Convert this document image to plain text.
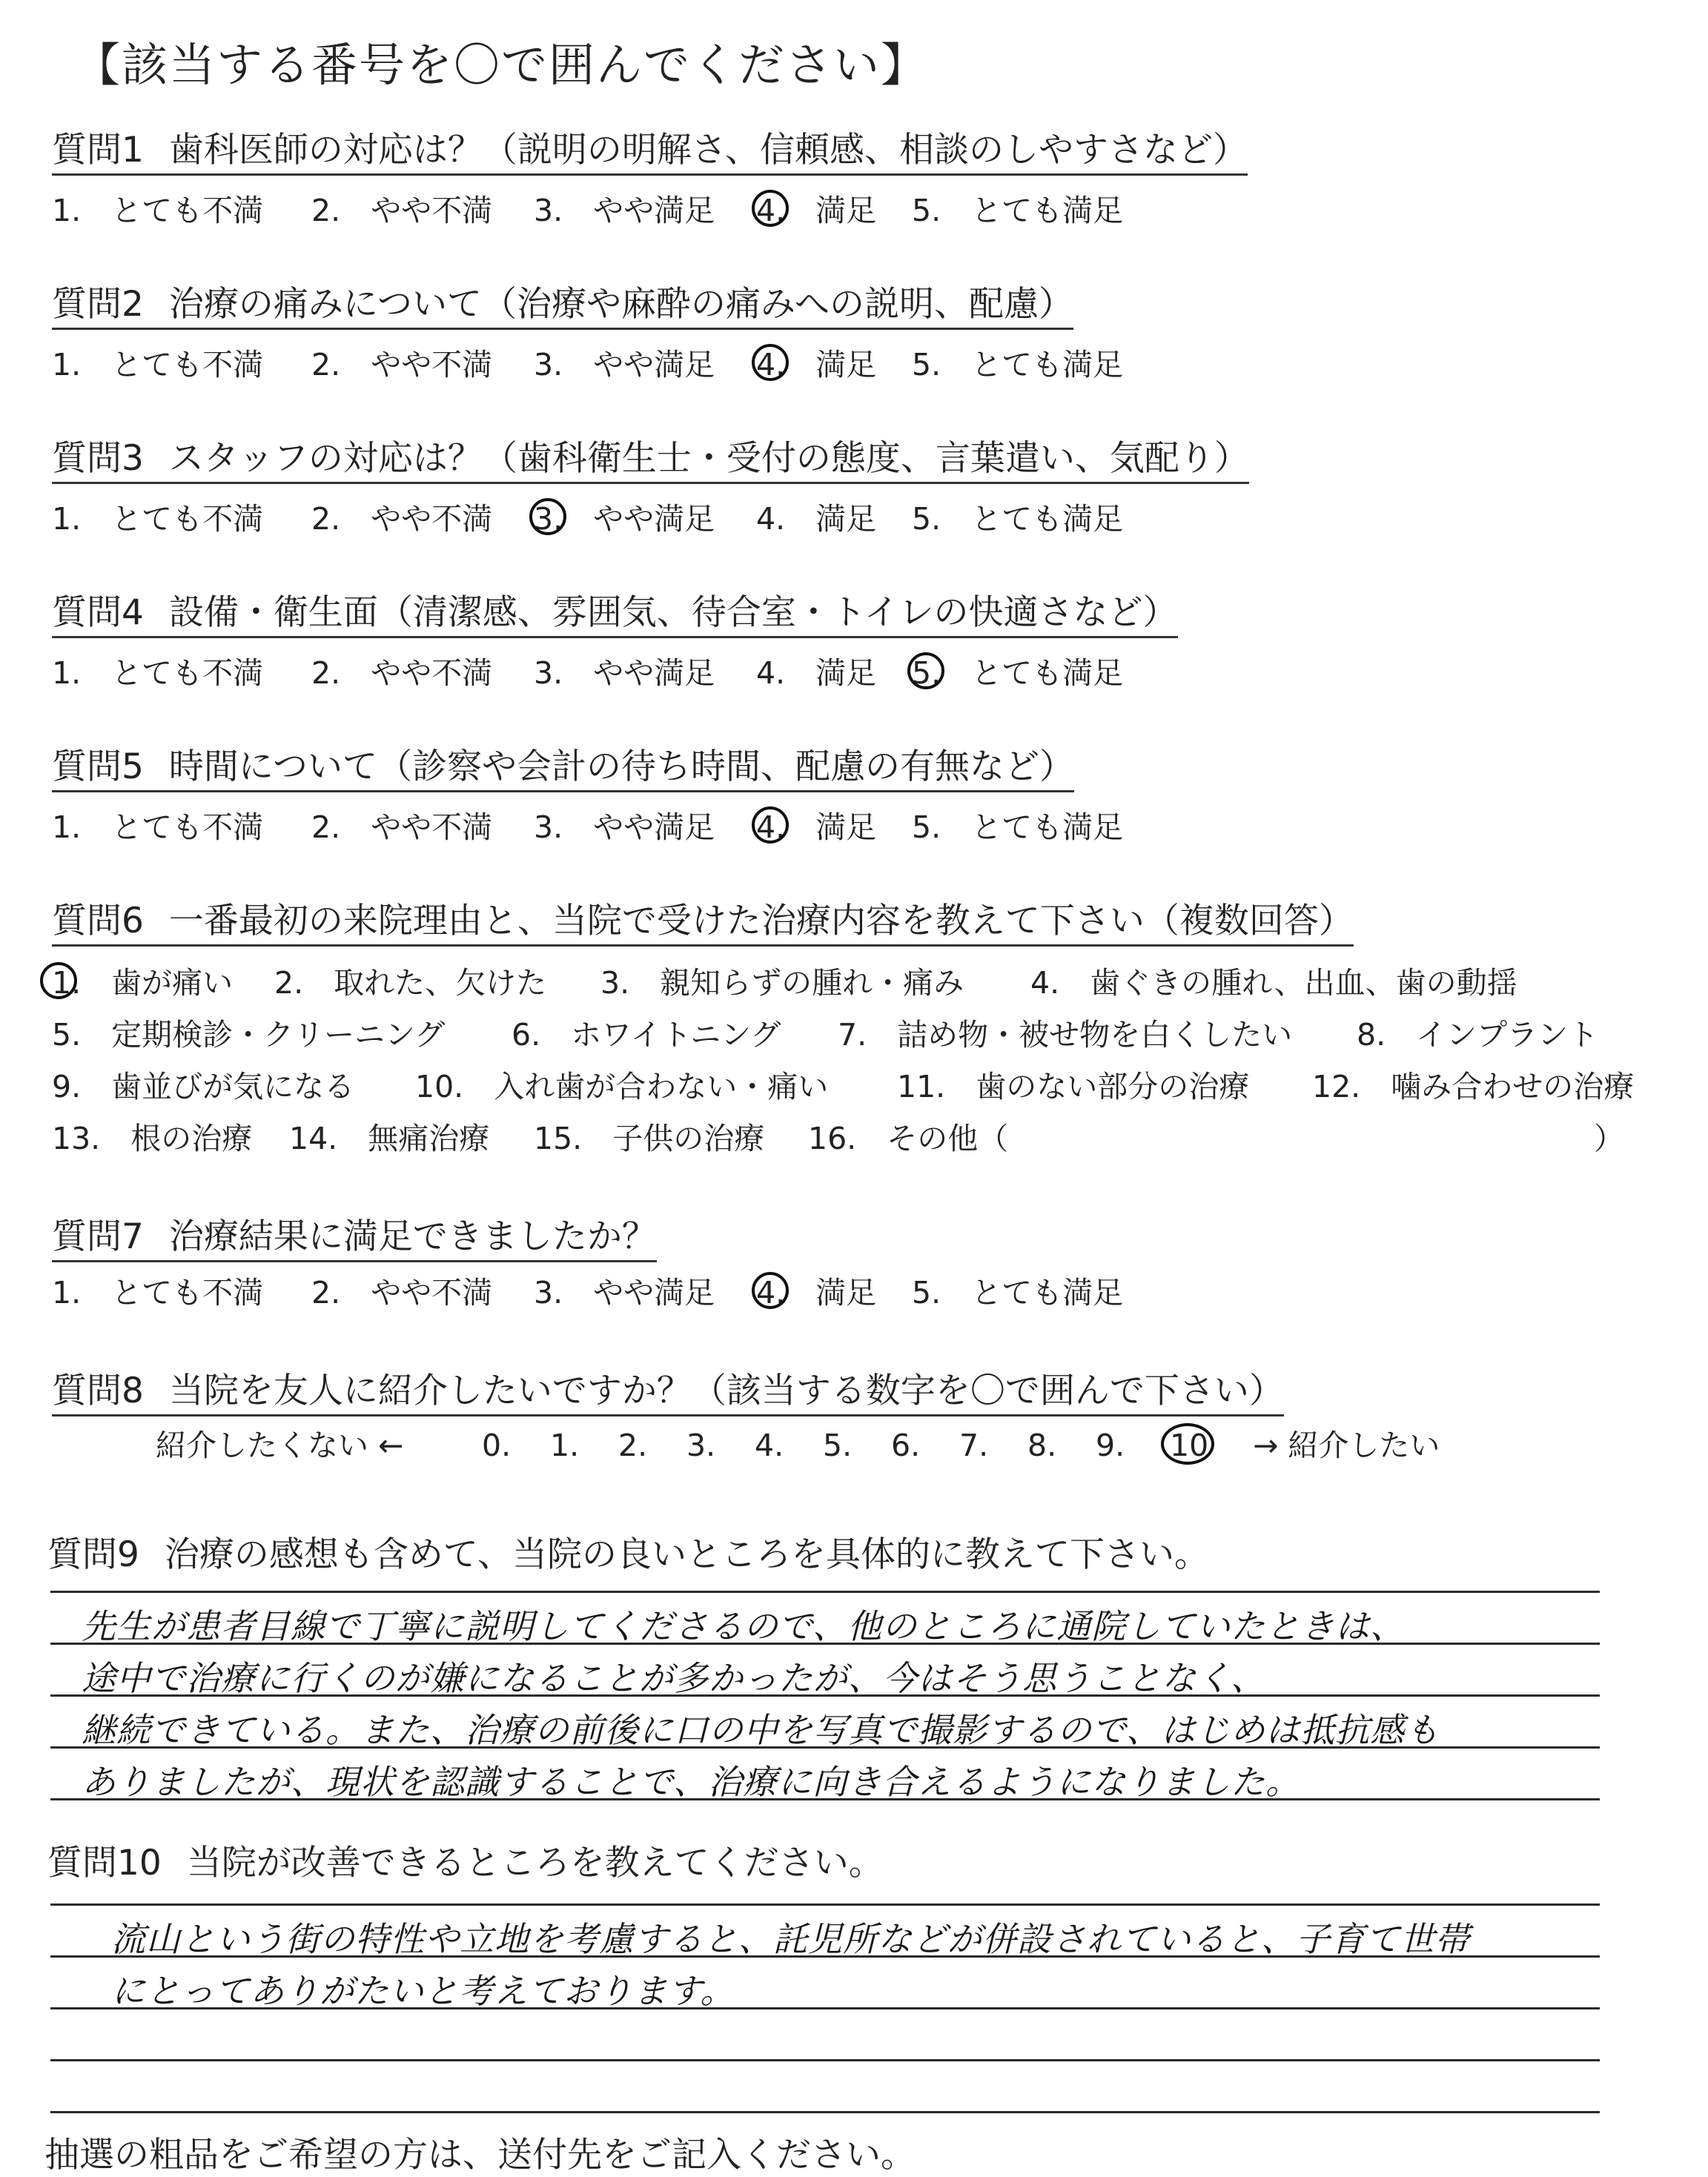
【該当する番号を〇で囲んでください】
質問1 歯科医師の対応は？（説明の明解さ、信頼感、相談のしやすさなど）
1.　とても不満 2.　やや不満 3.　やや満足 4.　満足 5.　とても満足
質問2 治療の痛みについて（治療や麻酔の痛みへの説明、配慮）
1.　とても不満 2.　やや不満 3.　やや満足 4.　満足 5.　とても満足
質問3 スタッフの対応は？（歯科衛生士・受付の態度、言葉遣い、気配り）
1.　とても不満 2.　やや不満 3.　やや満足 4.　満足 5.　とても満足
質問4 設備・衛生面（清潔感、雰囲気、待合室・トイレの快適さなど）
1.　とても不満 2.　やや不満 3.　やや満足 4.　満足 5.　とても満足
質問5 時間について（診察や会計の待ち時間、配慮の有無など）
1.　とても不満 2.　やや不満 3.　やや満足 4.　満足 5.　とても満足
質問6 一番最初の来院理由と、当院で受けた治療内容を教えて下さい（複数回答）
1.　歯が痛い 2.　取れた、欠けた 3.　親知らずの腫れ・痛み 4.　歯ぐきの腫れ、出血、歯の動揺
5.　定期検診・クリーニング 6.　ホワイトニング 7.　詰め物・被せ物を白くしたい 8.　インプラント
9.　歯並びが気になる 10.　入れ歯が合わない・痛い 11.　歯のない部分の治療 12.　噛み合わせの治療
13.　根の治療 14.　無痛治療 15.　子供の治療 16.　その他（	）
質問7 治療結果に満足できましたか？
1.　とても不満 2.　やや不満 3.　やや満足 4.　満足 5.　とても満足
質問8 当院を友人に紹介したいですか？（該当する数字を〇で囲んで下さい）
紹介したくない ←	0. 1. 2. 3. 4. 5. 6. 7. 8. 9. 10 → 紹介したい
質問9 治療の感想も含めて、当院の良いところを具体的に教えて下さい。
先生が患者目線で丁寧に説明してくださるので、他のところに通院していたときは、
途中で治療に行くのが嫌になることが多かったが、今はそう思うことなく、
継続できている。また、治療の前後に口の中を写真で撮影するので、はじめは抵抗感も
ありましたが、現状を認識することで、治療に向き合えるようになりました。
質問10 当院が改善できるところを教えてください。
流山という街の特性や立地を考慮すると、託児所などが併設されていると、子育て世帯
にとってありがたいと考えております。
抽選の粗品をご希望の方は、送付先をご記入ください。
